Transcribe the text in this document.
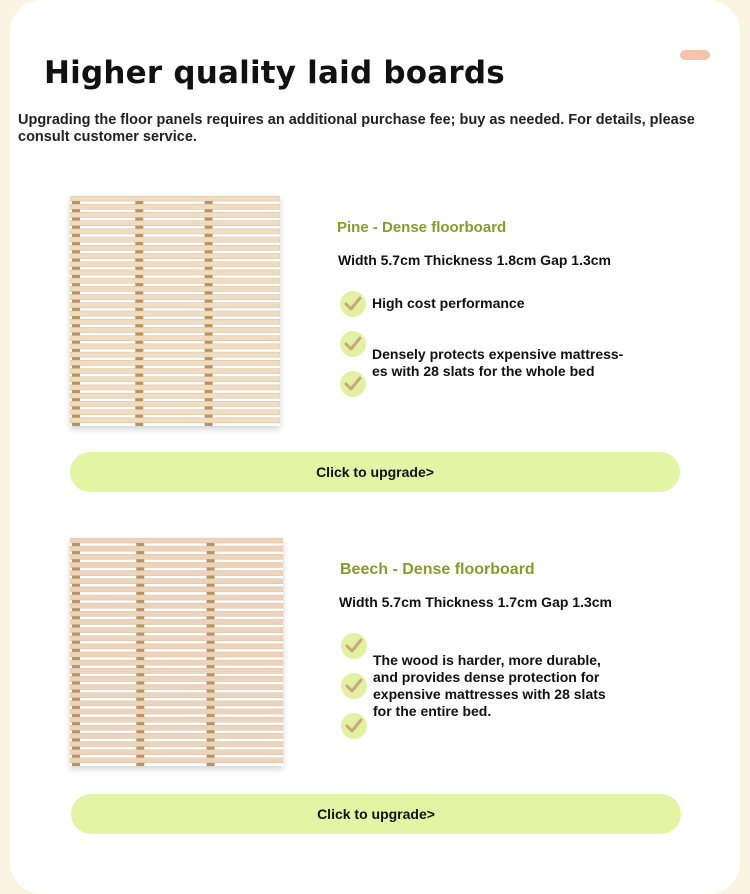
Higher quality laid boards
Upgrading the floor panels requires an additional purchase fee; buy as needed. For details, please consult customer service.
Pine - Dense floorboard
Width 5.7cm Thickness 1.8cm Gap 1.3cm
High cost performance
Densely protects expensive mattress-
es with 28 slats for the whole bed
Click to upgrade>
Beech - Dense floorboard
Width 5.7cm Thickness 1.7cm Gap 1.3cm
The wood is harder, more durable,
and provides dense protection for
expensive mattresses with 28 slats
for the entire bed.
Click to upgrade>
